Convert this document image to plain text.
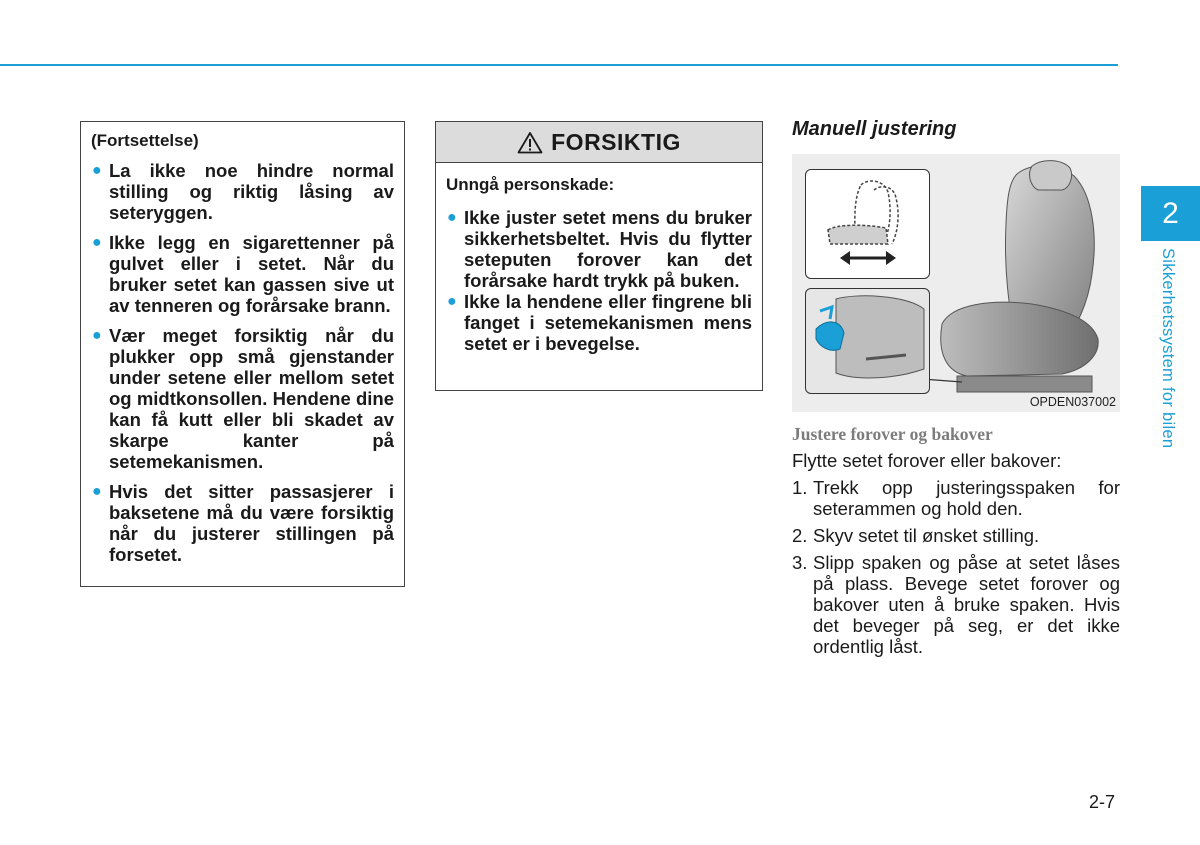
(Fortsettelse)
● La ikke noe hindre normal stilling og riktig låsing av seteryggen.
● Ikke legg en sigarettenner på gulvet eller i setet. Når du bruker setet kan gassen sive ut av tenneren og forårsake brann.
● Vær meget forsiktig når du plukker opp små gjenstander under setene eller mellom setet og midtkonsollen. Hendene dine kan få kutt eller bli skadet av skarpe kanter på setemekanismen.
● Hvis det sitter passasjerer i baksetene må du være forsiktig når du justerer stillingen på forsetet.
FORSIKTIG
Unngå personskade:
● Ikke juster setet mens du bruker sikkerhetsbeltet. Hvis du flytter seteputen forover kan det forårsake hardt trykk på buken.
● Ikke la hendene eller fingrene bli fanget i setemekanismen mens setet er i bevegelse.
Manuell justering
OPDEN037002
Justere forover og bakover
Flytte setet forover eller bakover:
1. Trekk opp justeringsspaken for seterammen og hold den.
2. Skyv setet til ønsket stilling.
3. Slipp spaken og påse at setet låses på plass. Bevege setet forover og bakover uten å bruke spaken. Hvis det beveger på seg, er det ikke ordentlig låst.
2
Sikkerhetssystem for bilen
2-7
